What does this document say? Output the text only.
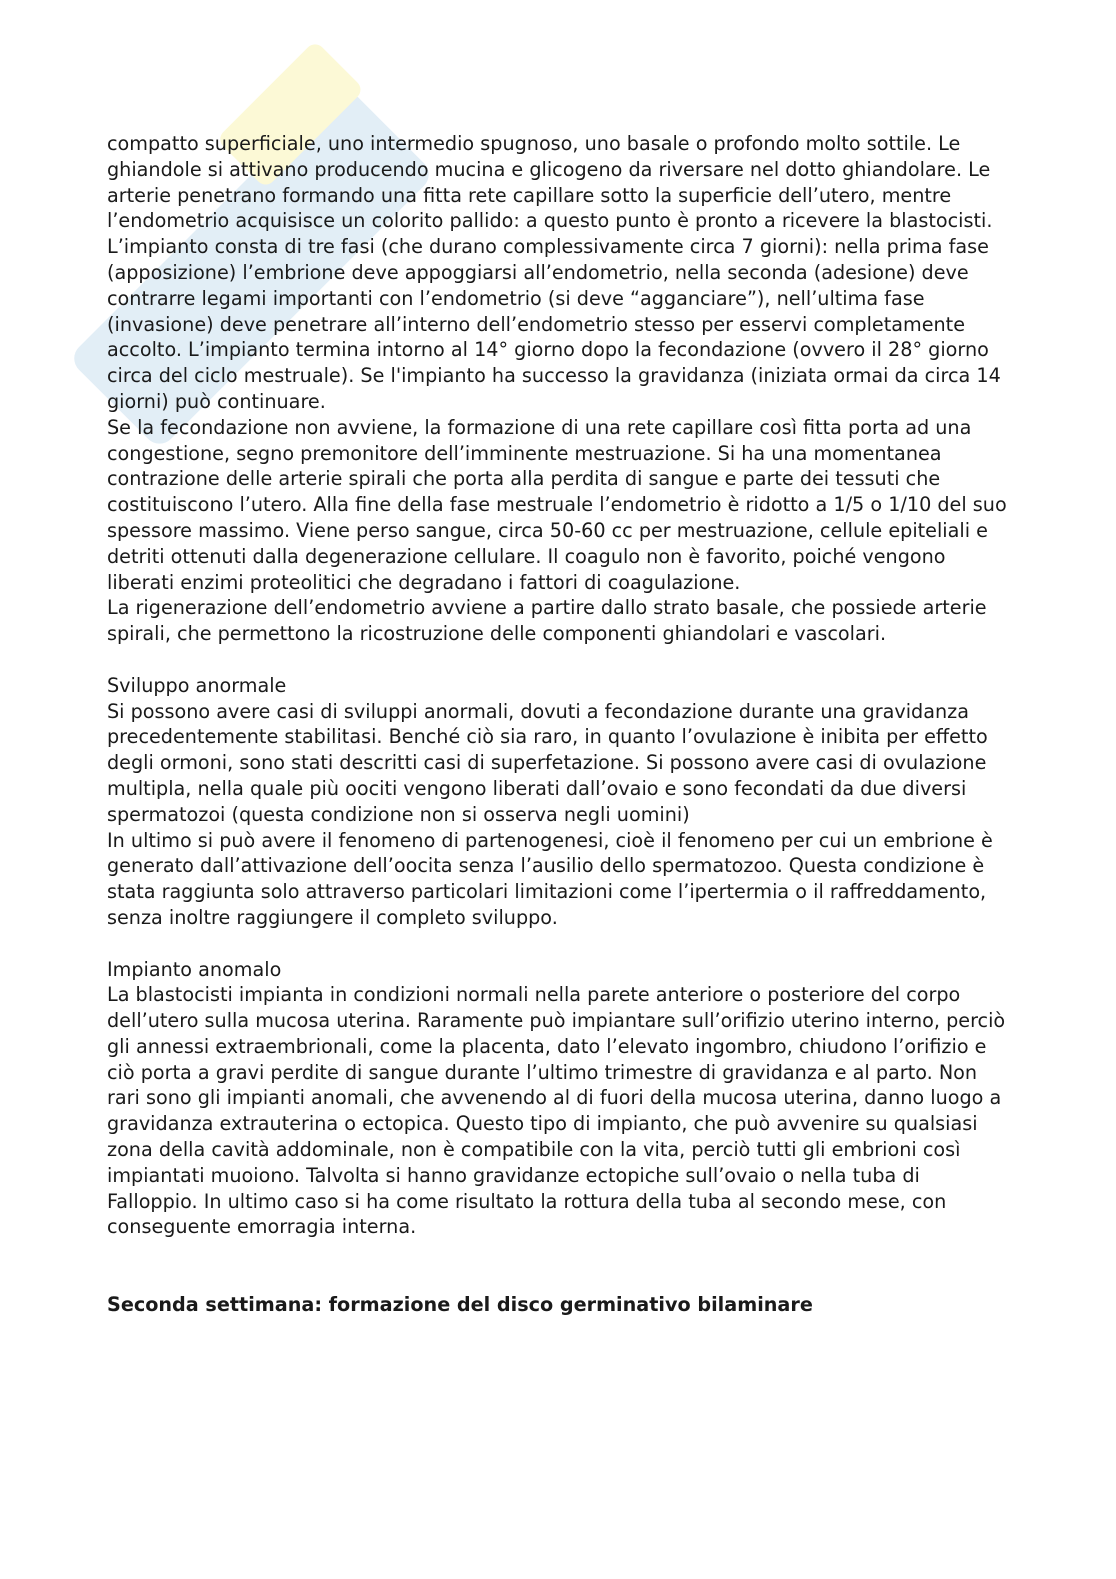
compatto superficiale, uno intermedio spugnoso, uno basale o profondo molto sottile. Le ghiandole si attivano producendo mucina e glicogeno da riversare nel dotto ghiandolare. Le arterie penetrano formando una fitta rete capillare sotto la superficie dell’utero, mentre l’endometrio acquisisce un colorito pallido: a questo punto è pronto a ricevere la blastocisti. L’impianto consta di tre fasi (che durano complessivamente circa 7 giorni): nella prima fase (apposizione) l’embrione deve appoggiarsi all’endometrio, nella seconda (adesione) deve contrarre legami importanti con l’endometrio (si deve “agganciare”), nell’ultima fase (invasione) deve penetrare all’interno dell’endometrio stesso per esservi completamente accolto. L’impianto termina intorno al 14° giorno dopo la fecondazione (ovvero il 28° giorno circa del ciclo mestruale). Se l'impianto ha successo la gravidanza (iniziata ormai da circa 14 giorni) può continuare.

Se la fecondazione non avviene, la formazione di una rete capillare così fitta porta ad una congestione, segno premonitore dell’imminente mestruazione. Si ha una momentanea contrazione delle arterie spirali che porta alla perdita di sangue e parte dei tessuti che costituiscono l’utero. Alla fine della fase mestruale l’endometrio è ridotto a 1/5 o 1/10 del suo spessore massimo. Viene perso sangue, circa 50-60 cc per mestruazione, cellule epiteliali e detriti ottenuti dalla degenerazione cellulare. Il coagulo non è favorito, poiché vengono liberati enzimi proteolitici che degradano i fattori di coagulazione.

La rigenerazione dell’endometrio avviene a partire dallo strato basale, che possiede arterie spirali, che permettono la ricostruzione delle componenti ghiandolari e vascolari.

Sviluppo anormale

Si possono avere casi di sviluppi anormali, dovuti a fecondazione durante una gravidanza precedentemente stabilitasi. Benché ciò sia raro, in quanto l’ovulazione è inibita per effetto degli ormoni, sono stati descritti casi di superfetazione. Si possono avere casi di ovulazione multipla, nella quale più oociti vengono liberati dall’ovaio e sono fecondati da due diversi spermatozoi (questa condizione non si osserva negli uomini)

In ultimo si può avere il fenomeno di partenogenesi, cioè il fenomeno per cui un embrione è generato dall’attivazione dell’oocita senza l’ausilio dello spermatozoo. Questa condizione è stata raggiunta solo attraverso particolari limitazioni come l’ipertermia o il raffreddamento, senza inoltre raggiungere il completo sviluppo.

Impianto anomalo

La blastocisti impianta in condizioni normali nella parete anteriore o posteriore del corpo dell’utero sulla mucosa uterina. Raramente può impiantare sull’orifizio uterino interno, perciò gli annessi extraembrionali, come la placenta, dato l’elevato ingombro, chiudono l’orifizio e ciò porta a gravi perdite di sangue durante l’ultimo trimestre di gravidanza e al parto. Non rari sono gli impianti anomali, che avvenendo al di fuori della mucosa uterina, danno luogo a gravidanza extrauterina o ectopica. Questo tipo di impianto, che può avvenire su qualsiasi zona della cavità addominale, non è compatibile con la vita, perciò tutti gli embrioni così impiantati muoiono. Talvolta si hanno gravidanze ectopiche sull’ovaio o nella tuba di Falloppio. In ultimo caso si ha come risultato la rottura della tuba al secondo mese, con conseguente emorragia interna.

Seconda settimana: formazione del disco germinativo bilaminare
